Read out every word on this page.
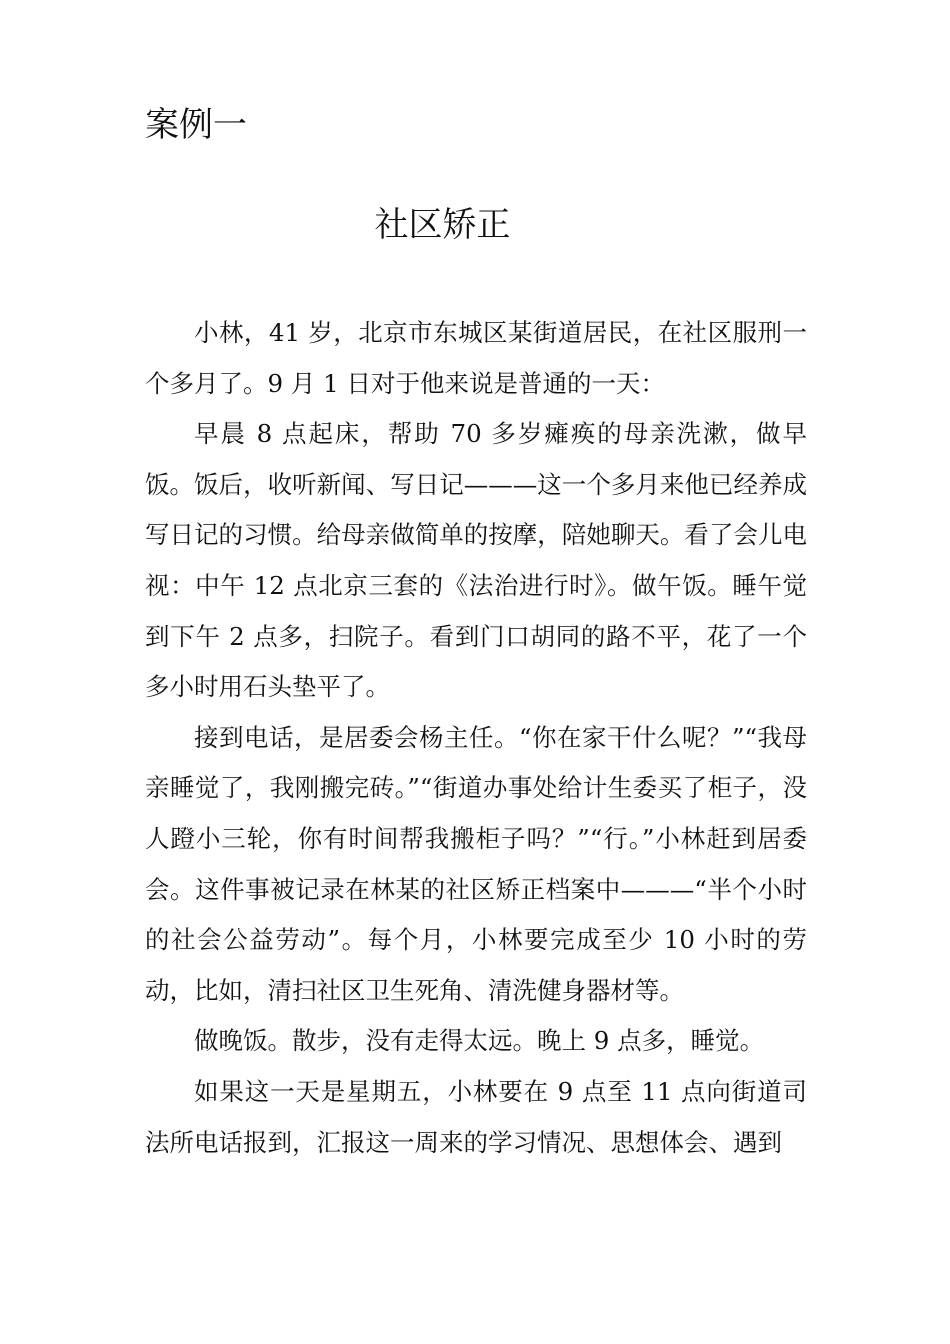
案例一
社区矫正

小林，41 岁，北京市东城区某街道居民，在社区服刑一个多月了。9 月 1 日对于他来说是普通的一天：

早晨 8 点起床，帮助 70 多岁瘫痪的母亲洗漱，做早饭。饭后，收听新闻、写日记———这一个多月来他已经养成写日记的习惯。给母亲做简单的按摩，陪她聊天。看了会儿电视：中午 12 点北京三套的《法治进行时》。做午饭。睡午觉到下午 2 点多，扫院子。看到门口胡同的路不平，花了一个多小时用石头垫平了。

接到电话，是居委会杨主任。“你在家干什么呢？”“我母亲睡觉了，我刚搬完砖。”“街道办事处给计生委买了柜子，没人蹬小三轮，你有时间帮我搬柜子吗？”“行。”小林赶到居委会。这件事被记录在林某的社区矫正档案中———“半个小时的社会公益劳动”。每个月，小林要完成至少 10 小时的劳动，比如，清扫社区卫生死角、清洗健身器材等。

做晚饭。散步，没有走得太远。晚上 9 点多，睡觉。

如果这一天是星期五，小林要在 9 点至 11 点向街道司法所电话报到，汇报这一周来的学习情况、思想体会、遇到
